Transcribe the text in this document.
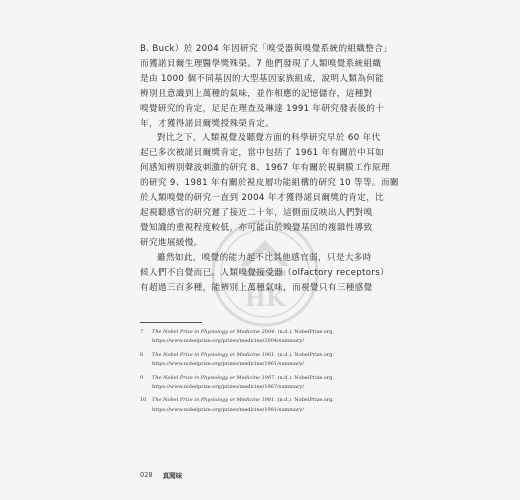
HK
B. Buck）於 2004 年因研究「嗅受器與嗅覺系統的組織整合」
而獲諾貝爾生理醫學獎殊榮。7 他們發現了人類嗅覺系統組織
是由 1000 個不同基因的大型基因家族組成，說明人類為何能
辨別且意識到上萬種的氣味，並作相應的記憶儲存，這種對
嗅覺研究的肯定，足足在理查及琳達 1991 年研究發表後的十
年，才獲得諾貝爾獎授殊榮肯定。
對比之下，人類視覺及聽覺方面的科學研究早於 60 年代
起已多次被諾貝爾獎肯定，當中包括了 1961 年有關於中耳如
何感知辨別聲波刺激的研究 8、1967 年有關於視網膜工作原理
的研究 9、1981 年有關於視皮層功能組構的研究 10 等等。而關
於人類嗅覺的研究一直到 2004 年才獲得諾貝爾獎的肯定，比
起視聽感官的研究遲了接近二十年，這側面反映出人們對嗅
覺知識的重視程度較低，亦可能由於嗅覺基因的複雜性導致
研究進展緩慢。
雖然如此，嗅覺的能力起不比其他感官弱，只是大多時
候人們不自覺而已。人類嗅覺接受器（olfactory receptors）
有超過三百多種，能辨別上萬種氣味，而視覺只有三種感覺
7 The Nobel Prize in Physiology or Medicine 2004. (n.d.). NobelPrize.org.
https://www.nobelprize.org/prizes/medicine/2004/summary/
8 The Nobel Prize in Physiology or Medicine 1961. (n.d.). NobelPrize.org.
https://www.nobelprize.org/prizes/medicine/1961/summary/
9 The Nobel Prize in Physiology or Medicine 1967. (n.d.). NobelPrize.org.
https://www.nobelprize.org/prizes/medicine/1967/summary/
10 The Nobel Prize in Physiology or Medicine 1981. (n.d.). NobelPrize.org.
https://www.nobelprize.org/prizes/medicine/1981/summary/
028 真聞味
